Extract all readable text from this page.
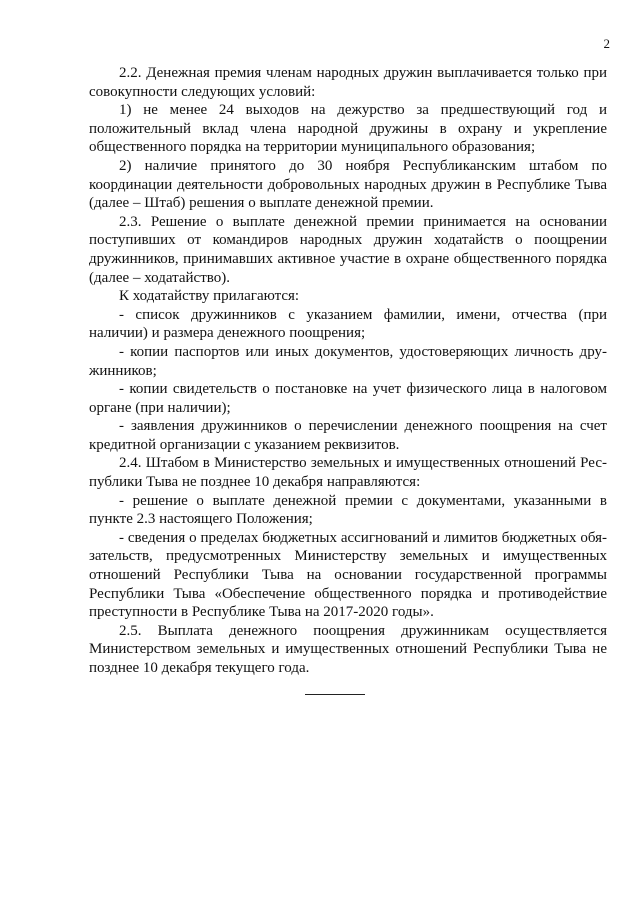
2

2.2. Денежная премия членам народных дружин выплачивается только при совокупности следующих условий:

1) не менее 24 выходов на дежурство за предшествующий год и положительный вклад члена народной дружины в охрану и укрепление общественного порядка на территории муниципального образования;

2) наличие принятого до 30 ноября Республиканским штабом по координации деятельности добровольных народных дружин в Республике Тыва (далее – Штаб) решения о выплате денежной премии.

2.3. Решение о выплате денежной премии принимается на основании поступивших от командиров народных дружин ходатайств о поощрении дружинников, принимавших активное участие в охране общественного порядка (далее – ходатайство).

К ходатайству прилагаются:

- список дружинников с указанием фамилии, имени, отчества (при наличии) и размера денежного поощрения;

- копии паспортов или иных документов, удостоверяющих личность дружинников;

- копии свидетельств о постановке на учет физического лица в налоговом органе (при наличии);

- заявления дружинников о перечислении денежного поощрения на счет кредитной организации с указанием реквизитов.

2.4. Штабом в Министерство земельных и имущественных отношений Республики Тыва не позднее 10 декабря направляются:

- решение о выплате денежной премии с документами, указанными в пункте 2.3 настоящего Положения;

- сведения о пределах бюджетных ассигнований и лимитов бюджетных обязательств, предусмотренных Министерству земельных и имущественных отношений Республики Тыва на основании государственной программы Республики Тыва «Обеспечение общественного порядка и противодействие преступности в Республике Тыва на 2017-2020 годы».

2.5. Выплата денежного поощрения дружинникам осуществляется Министерством земельных и имущественных отношений Республики Тыва не позднее 10 декабря текущего года.
